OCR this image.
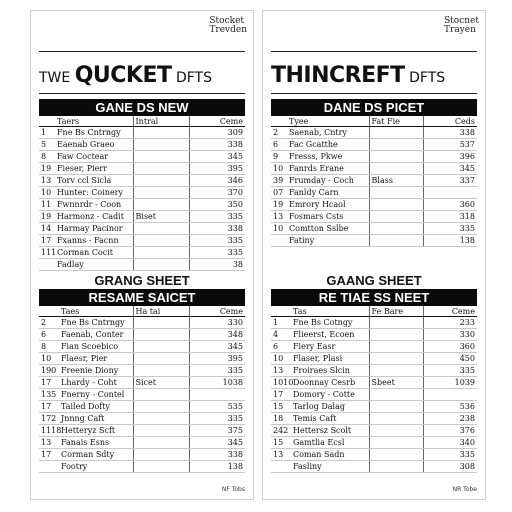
Stocket
Trevden
TWE QUCKET DFTS
GANE DS NEW
	Taers	Intral	Ceme
1	Fne Bs Cntrngy		309
5	Eaenab Graeo		338
8	Faw Coctear		345
19	Fieser, Pierr		395
13	Torv ccl Sicla		346
10	Hunter: Coinery		370
11	Fwnnrdr - Coon		350
19	Harmonz - Cadit	Biset	335
14	Harmay Pacinor		338
17	Fxanns - Facnn		335
111	Corman Cocit		335
	Fadlay		38
GRANG SHEET
RESAME SAICET
	Taes	Ha tai	Ceme
2	Fne Bs Cntrngy		330
6	Faenab, Conter		348
8	Fian Scoebico		345
10	Flaesr, Pier		395
190	Freenie Diony		335
17	Lhardy - Coht	Sicet	1038
135	Fnerny - Contel		
17	Tailed Dofty		535
172	Jnnng Caft		335
1118	Hetteryz Scft		375
13	Fanais Esns		345
17	Corman Sdty		338
	Footry		138
NF Tobs
Stocnet
Trayen
THINCREFT DFTS
DANE DS PICET
	Tyee	Fat Fie	Ceds
2	Saenab, Cntry		338
6	Fac Gcatthe		537
9	Fresss, Pkwe		396
10	Fanrds Erane		345
39	Frumday - Coch	Blass	337
07	Fanldy Carn		
19	Emrory Hcaol		360
13	Fosmars Csts		318
10	Comtton Sslbe		335
	Fatiny		138
GAANG SHEET
RE TIAE SS NEET
	Tas	Fe Bare	Ceme
1	Fne Bs Cotngy		233
4	Flieerst, Ecoen		330
6	Fiery Easr		360
10	Flaser, Plasi		450
13	Froiraes Slcin		335
1010	Doonnay Cesrb	Sbeet	1039
17	Domory - Cotte		
15	Tarlog Dalag		536
18	Temis Caft		238
242	Hettersz Scolt		376
15	Gamtlia Ecsl		340
13	Coman Sadn		335
	Fasliny		308
NR Tobe
